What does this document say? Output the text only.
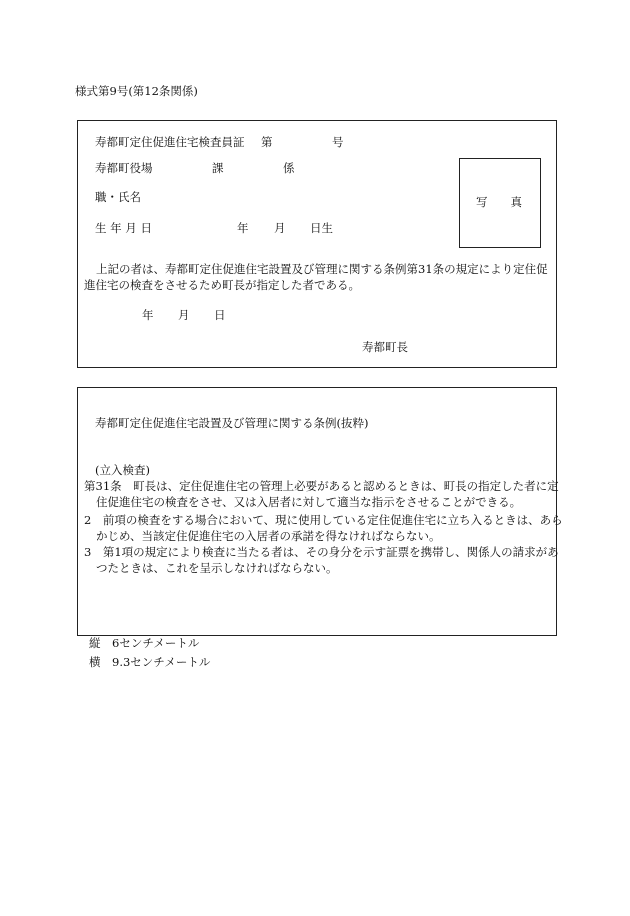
様式第9号(第12条関係)
寿都町定住促進住宅検査員証 第	号
寿都町役場	課	係
職・氏名
生 年 月 日	年 月 日生
写　　真
上記の者は、寿都町定住促進住宅設置及び管理に関する条例第31条の規定により定住促進住宅の検査をさせるため町長が指定した者である。
年 月 日
寿都町長
寿都町定住促進住宅設置及び管理に関する条例(抜粋)
(立入検査)
第31条　町長は、定住促進住宅の管理上必要があると認めるときは、町長の指定した者に定住促進住宅の検査をさせ、又は入居者に対して適当な指示をさせることができる。
2　前項の検査をする場合において、現に使用している定住促進住宅に立ち入るときは、あらかじめ、当該定住促進住宅の入居者の承諾を得なければならない。
3　第1項の規定により検査に当たる者は、その身分を示す証票を携帯し、関係人の請求があつたときは、これを呈示しなければならない。
縦　6センチメートル
横　9.3センチメートル
